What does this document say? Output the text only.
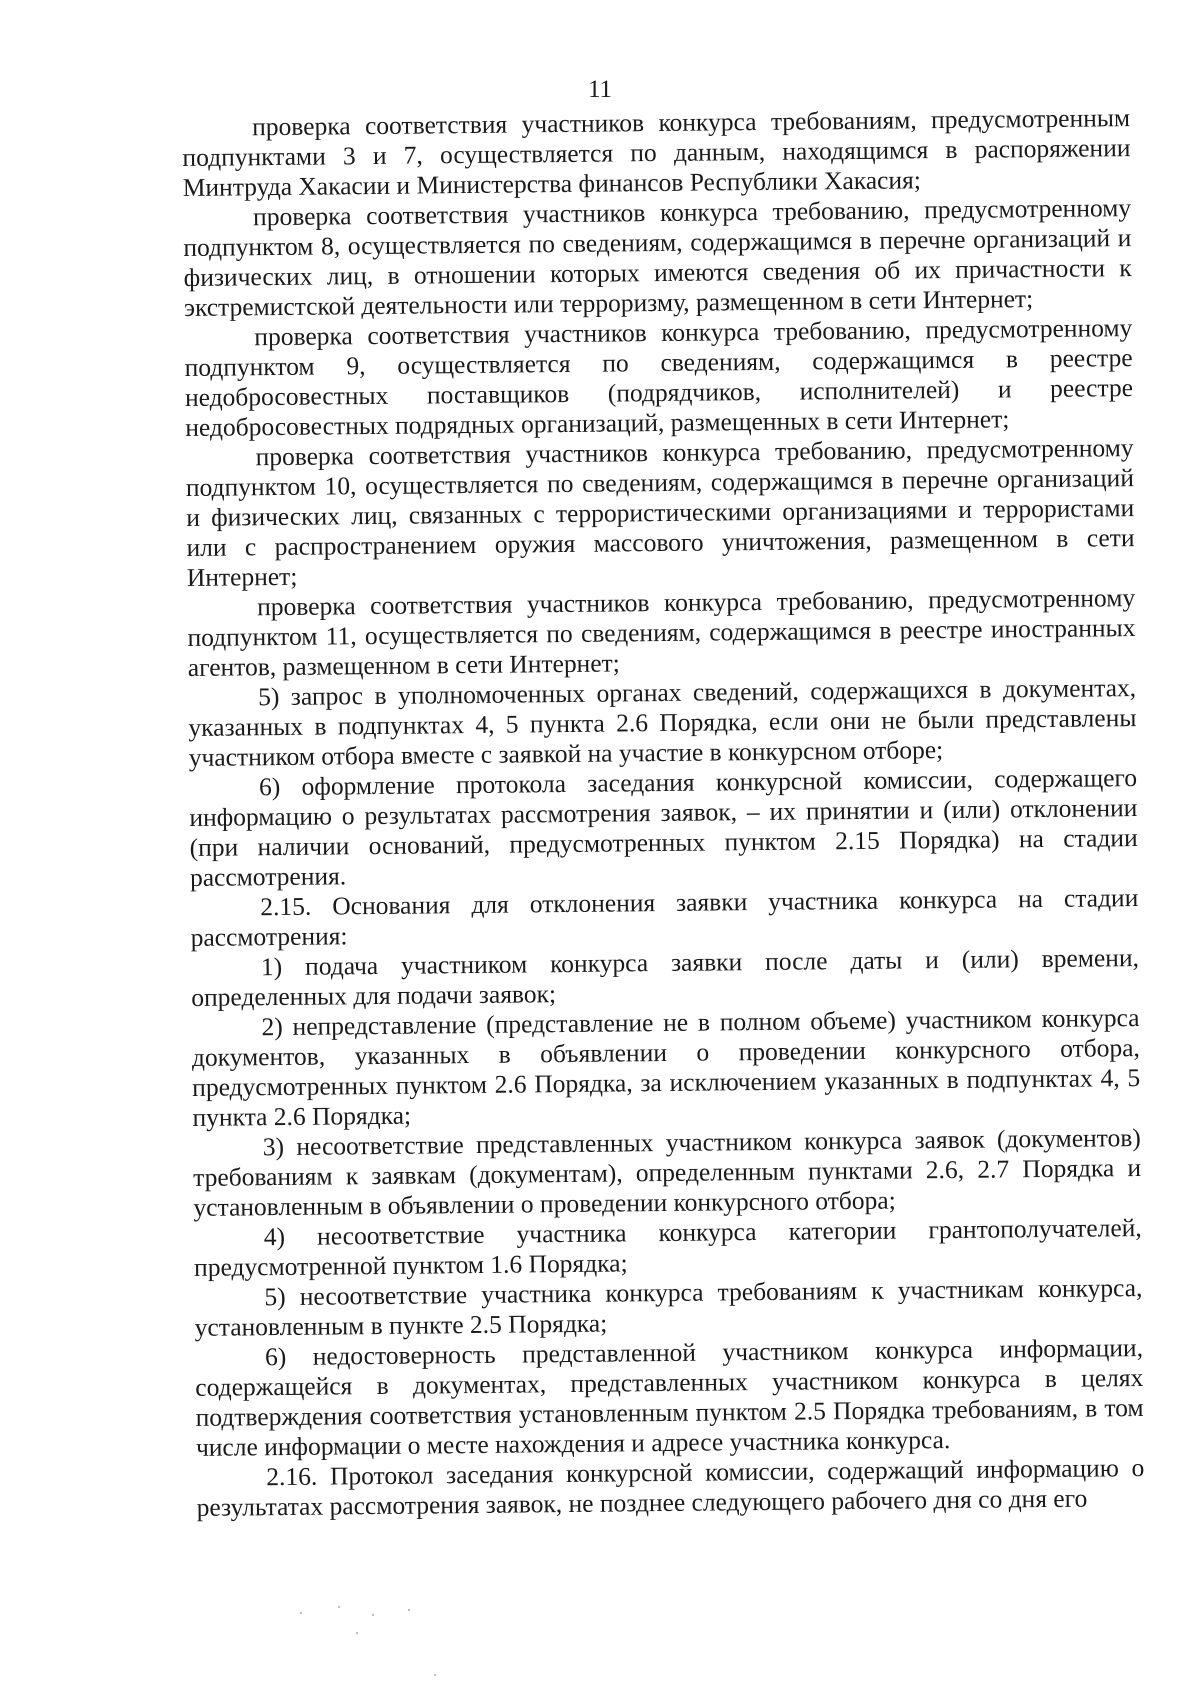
11

проверка соответствия участников конкурса требованиям, предусмотренным подпунктами 3 и 7, осуществляется по данным, находящимся в распоряжении Минтруда Хакасии и Министерства финансов Республики Хакасия;

проверка соответствия участников конкурса требованию, предусмотренному подпунктом 8, осуществляется по сведениям, содержащимся в перечне организаций и физических лиц, в отношении которых имеются сведения об их причастности к экстремистской деятельности или терроризму, размещенном в сети Интернет;

проверка соответствия участников конкурса требованию, предусмотренному подпунктом 9, осуществляется по сведениям, содержащимся в реестре недобросовестных поставщиков (подрядчиков, исполнителей) и реестре недобросовестных подрядных организаций, размещенных в сети Интернет;

проверка соответствия участников конкурса требованию, предусмотренному подпунктом 10, осуществляется по сведениям, содержащимся в перечне организаций и физических лиц, связанных с террористическими организациями и террористами или с распространением оружия массового уничтожения, размещенном в сети Интернет;

проверка соответствия участников конкурса требованию, предусмотренному подпунктом 11, осуществляется по сведениям, содержащимся в реестре иностранных агентов, размещенном в сети Интернет;

5) запрос в уполномоченных органах сведений, содержащихся в документах, указанных в подпунктах 4, 5 пункта 2.6 Порядка, если они не были представлены участником отбора вместе с заявкой на участие в конкурсном отборе;

6) оформление протокола заседания конкурсной комиссии, содержащего информацию о результатах рассмотрения заявок, – их принятии и (или) отклонении (при наличии оснований, предусмотренных пунктом 2.15 Порядка) на стадии рассмотрения.

2.15. Основания для отклонения заявки участника конкурса на стадии рассмотрения:

1) подача участником конкурса заявки после даты и (или) времени, определенных для подачи заявок;

2) непредставление (представление не в полном объеме) участником конкурса документов, указанных в объявлении о проведении конкурсного отбора, предусмотренных пунктом 2.6 Порядка, за исключением указанных в подпунктах 4, 5 пункта 2.6 Порядка;

3) несоответствие представленных участником конкурса заявок (документов) требованиям к заявкам (документам), определенным пунктами 2.6, 2.7 Порядка и установленным в объявлении о проведении конкурсного отбора;

4) несоответствие участника конкурса категории грантополучателей, предусмотренной пунктом 1.6 Порядка;

5) несоответствие участника конкурса требованиям к участникам конкурса, установленным в пункте 2.5 Порядка;

6) недостоверность представленной участником конкурса информации, содержащейся в документах, представленных участником конкурса в целях подтверждения соответствия установленным пунктом 2.5 Порядка требованиям, в том числе информации о месте нахождения и адресе участника конкурса.

2.16. Протокол заседания конкурсной комиссии, содержащий информацию о результатах рассмотрения заявок, не позднее следующего рабочего дня со дня его
